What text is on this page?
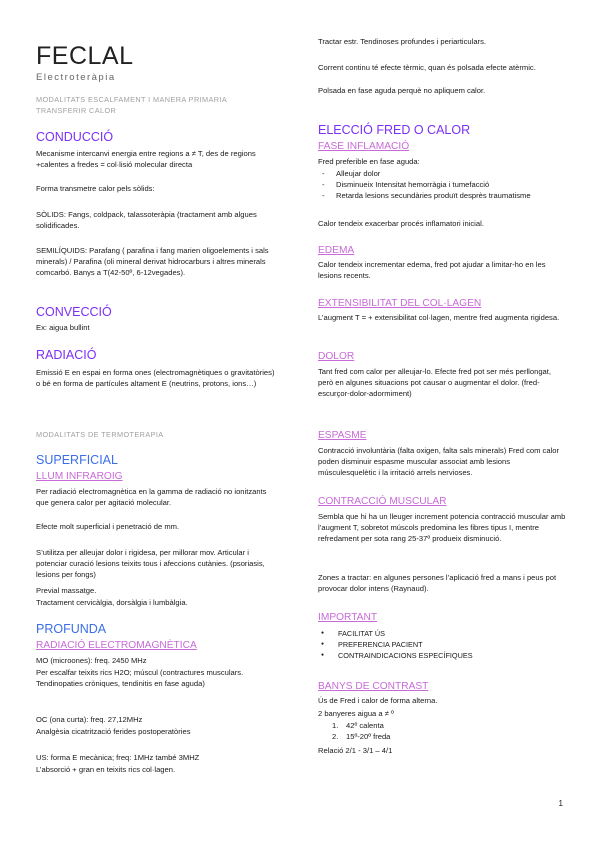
FECLAL
Electroteràpia
MODALITATS ESCALFAMENT I MANERA PRIMARIA TRANSFERIR CALOR
CONDUCCIÓ
Mecanisme intercanvi energia entre regions a ≠ T, des de regions +calentes a fredes = col·lisió molecular directa
Forma transmetre calor pels sòlids:
SÒLIDS: Fangs, coldpack, talassoteràpia (tractament amb algues solidificades.
SEMILÍQUIDS: Parafang ( parafina i fang marien oligoelements i sals minerals) / Parafina (oli mineral derivat hidrocarburs i altres minerals comcarbó. Banys a T(42-50º, 6-12vegades).
CONVECCIÓ
Ex: aigua bullint
RADIACIÓ
Emissió E en espai en forma ones (electromagnètiques o gravitatòries) o bé en forma de partícules altament E (neutrins, protons, ions…)
MODALITATS DE TERMOTERAPIA
SUPERFICIAL
LLUM INFRAROIG
Per radiació electromagnètica en la gamma de radiació no ionitzants que genera calor per agitació molecular.
Efecte molt superficial i penetració de mm.
S’utilitza per alleujar dolor i rigidesa, per millorar mov. Articular i potenciar curació lesions teixits tous i afeccions cutànies. (psoriasis, lesions per fongs)
Previal massatge.
Tractament cervicàlgia, dorsàlgia i lumbàlgia.
PROFUNDA
RADIACIÓ ELECTROMAGNÈTICA
MO (microones): freq. 2450 MHz
Per escalfar teixits rics H2O; múscul (contractures musculars. Tendinopaties cròniques, tendinitis en fase aguda)
OC (ona curta): freq. 27,12MHz
Analgèsia cicatrització ferides postoperatòries
US: forma E mecànica; freq: 1MHz també 3MHZ
L’absorció + gran en teixits rics col·lagen.
Tractar estr. Tendinoses profundes i periarticulars.
Corrent continu té efecte tèrmic, quan és polsada efecte atèrmic.
Polsada en fase aguda perquè no apliquem calor.
ELECCIÓ FRED O CALOR
FASE INFLAMACIÓ
Fred preferible en fase aguda:
- Alleujar dolor
- Disminueix Intensitat hemorràgia i tumefacció
- Retarda lesions secundàries produït desprès traumatisme
Calor tendeix exacerbar procés inflamatori inicial.
EDEMA
Calor tendeix incrementar edema, fred pot ajudar a limitar-ho en les lesions recents.
EXTENSIBILITAT DEL COL·LAGEN
L’augment T = + extensibilitat col·lagen, mentre fred augmenta rigidesa.
DOLOR
Tant fred com calor per alleujar-lo. Efecte fred pot ser més perllongat, però en algunes situacions pot causar o augmentar el dolor. (fred- escurçor-dolor-adormiment)
ESPASME
Contracció involuntària (falta oxigen, falta sals minerals) Fred com calor poden disminuir espasme muscular associat amb lesions músculesquelètic i la irritació arrels nervioses.
CONTRACCIÓ MUSCULAR
Sembla que hi ha un lleuger increment potencia contracció muscular amb l’augment T, sobretot múscols predomina les fibres tipus I, mentre refredament per sota rang 25-37º produeix disminució.
Zones a tractar: en algunes persones l’aplicació fred a mans i peus pot provocar dolor intens (Raynaud).
IMPORTANT
● FACILITAT ÚS
● PREFERENCIA PACIENT
● CONTRAINDICACIONS ESPECÍFIQUES
BANYS DE CONTRAST
Ús de Fred i calor de forma alterna.
2 banyeres aigua a ≠ º
1. 42º calenta
2. 15º-20º freda
Relació 2/1 - 3/1 – 4/1
1
